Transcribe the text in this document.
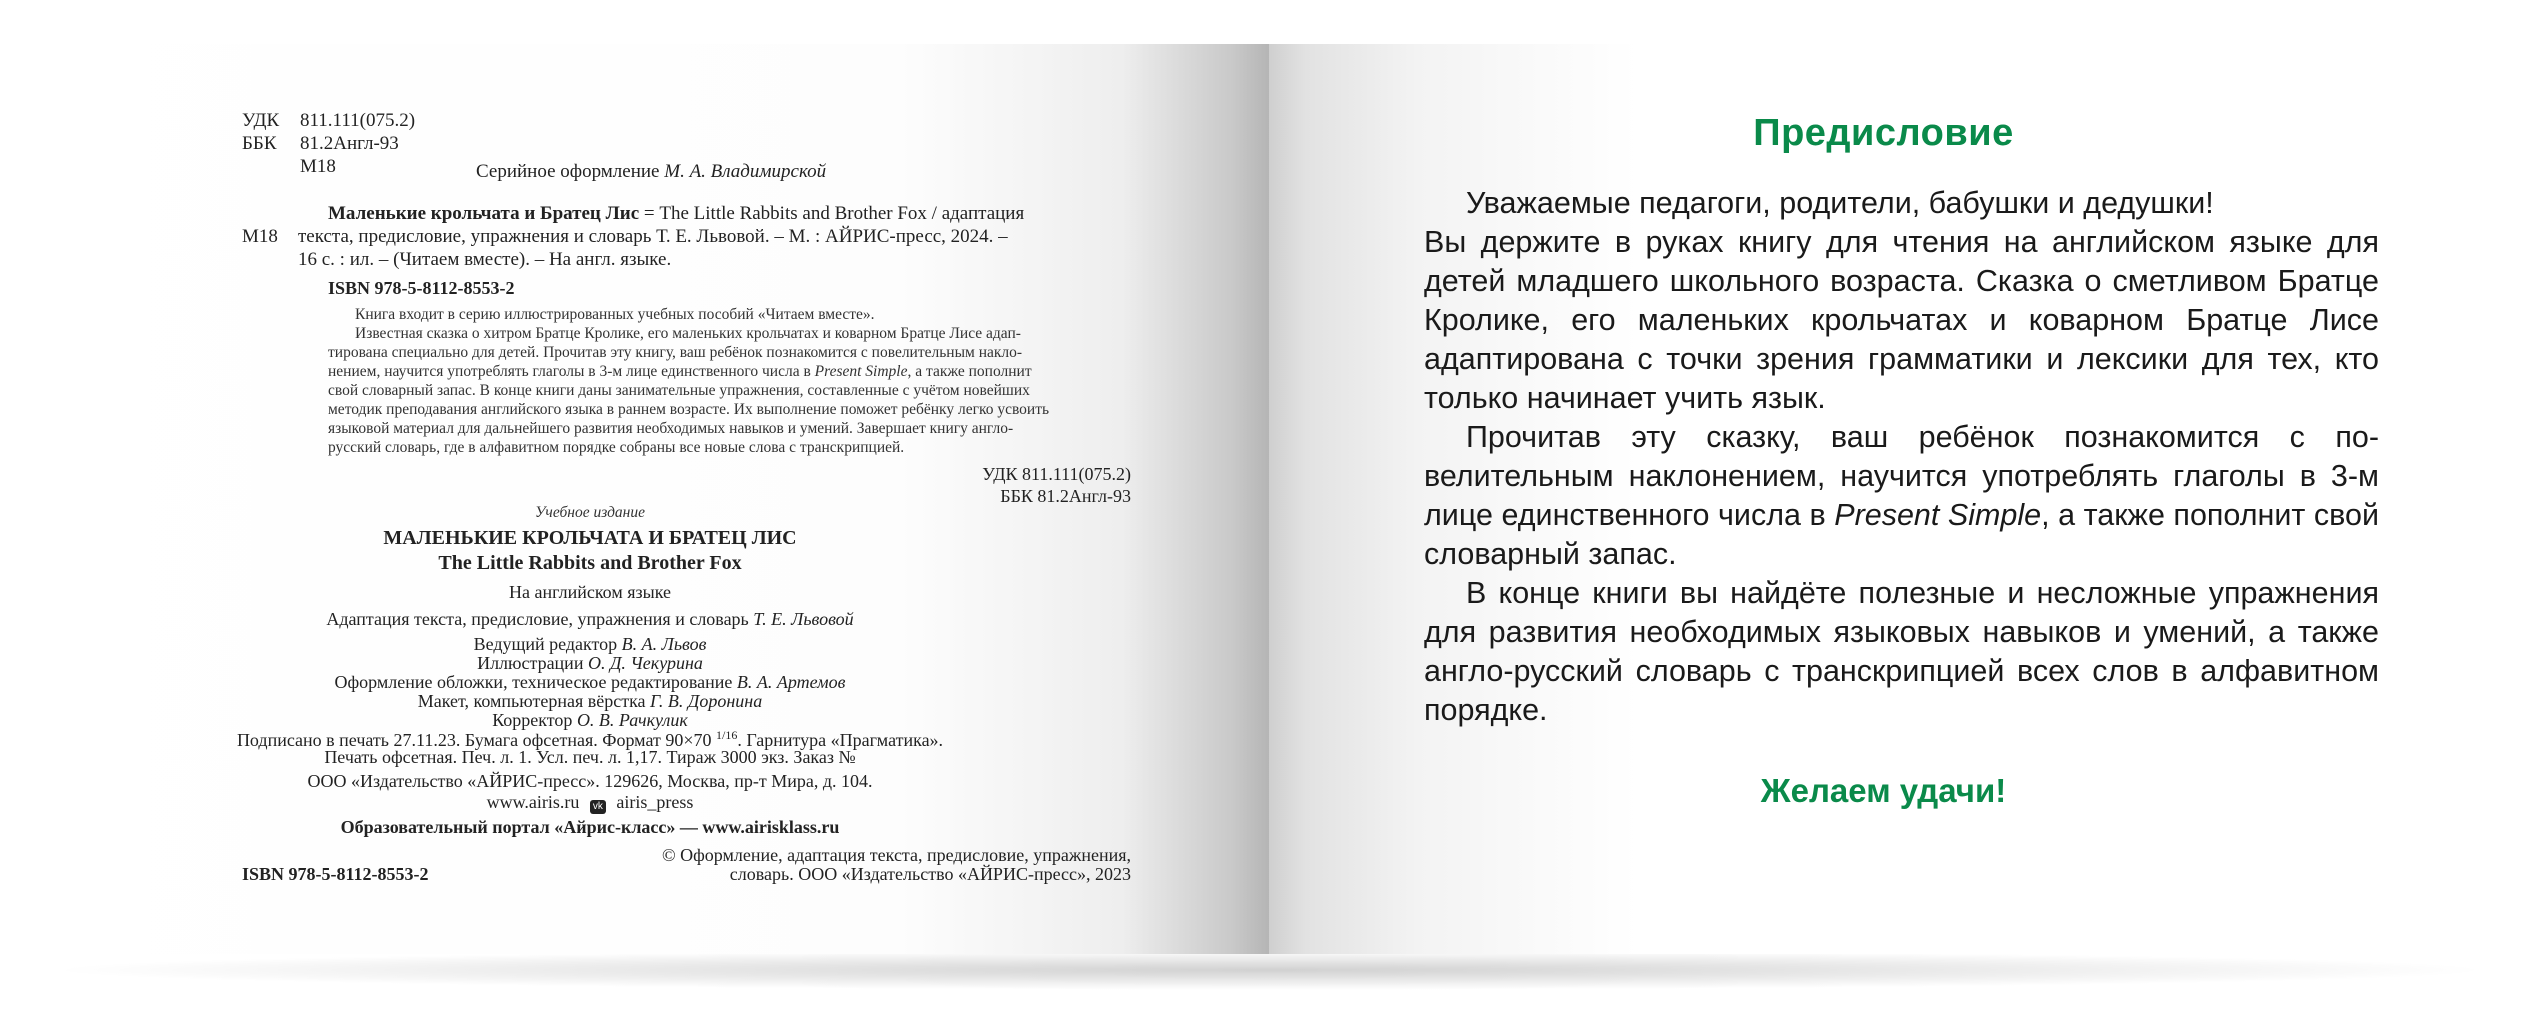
УДК 811.111(075.2)
ББК 81.2Англ-93
М18	Серийное оформление М. А. Владимирской
Маленькие крольчата и Братец Лис = The Little Rabbits and Brother Fox / адаптация
М18 текста, предисловие, упражнения и словарь Т. Е. Львовой. – М. : АЙРИС-пресс, 2024. –
16 с. : ил. – (Читаем вместе). – На англ. языке.
ISBN 978-5-8112-8553-2
Книга входит в серию иллюстрированных учебных пособий «Читаем вместе».
Известная сказка о хитром Братце Кролике, его маленьких крольчатах и коварном Братце Лисе адап-
тирована специально для детей. Прочитав эту книгу, ваш ребёнок познакомится с повелительным накло-
нением, научится употреблять глаголы в 3-м лице единственного числа в Present Simple, а также пополнит
свой словарный запас. В конце книги даны занимательные упражнения, составленные с учётом новейших
методик преподавания английского языка в раннем возрасте. Их выполнение поможет ребёнку легко усвоить
языковой материал для дальнейшего развития необходимых навыков и умений. Завершает книгу англо-
русский словарь, где в алфавитном порядке собраны все новые слова с транскрипцией.
УДК 811.111(075.2)
ББК 81.2Англ-93
Учебное издание
МАЛЕНЬКИЕ КРОЛЬЧАТА И БРАТЕЦ ЛИС
The Little Rabbits and Brother Fox
На английском языке
Адаптация текста, предисловие, упражнения и словарь Т. Е. Львовой
Ведущий редактор В. А. Львов
Иллюстрации О. Д. Чекурина
Оформление обложки, техническое редактирование В. А. Артемов
Макет, компьютерная вёрстка Г. В. Доронина
Корректор О. В. Рачкулик
Подписано в печать 27.11.23. Бумага офсетная. Формат 90×70 $^{1/16}$. Гарнитура «Прагматика».
Печать офсетная. Печ. л. 1. Усл. печ. л. 1,17. Тираж 3000 экз. Заказ №
ООО «Издательство «АЙРИС-пресс». 129626, Москва, пр-т Мира, д. 104.
www.airis.ru vk airis_press
Образовательный портал «Айрис-класс» — www.airisklass.ru
© Оформление, адаптация текста, предисловие, упражнения,
словарь. ООО «Издательство «АЙРИС-пресс», 2023
ISBN 978-5-8112-8553-2
Предисловие

Уважаемые педагоги, родители, бабушки и дедушки!

Вы держите в руках книгу для чтения на английском языке для детей младшего школьного возраста. Сказка о сметливом Братце Кролике, его маленьких крольчатах и коварном Братце Лисе адаптирована с точки зрения грамматики и лексики для тех, кто только начинает учить язык.

Прочитав эту сказку, ваш ребёнок познакомится с повелительным наклонением, научится употреблять глаголы в 3-м лице единственного числа в Present Simple, а также пополнит свой словарный запас.

В конце книги вы найдёте полезные и несложные упражнения для развития необходимых языковых навыков и умений, а также англо-русский словарь с транскрипцией всех слов в алфавитном порядке.

Желаем удачи!
